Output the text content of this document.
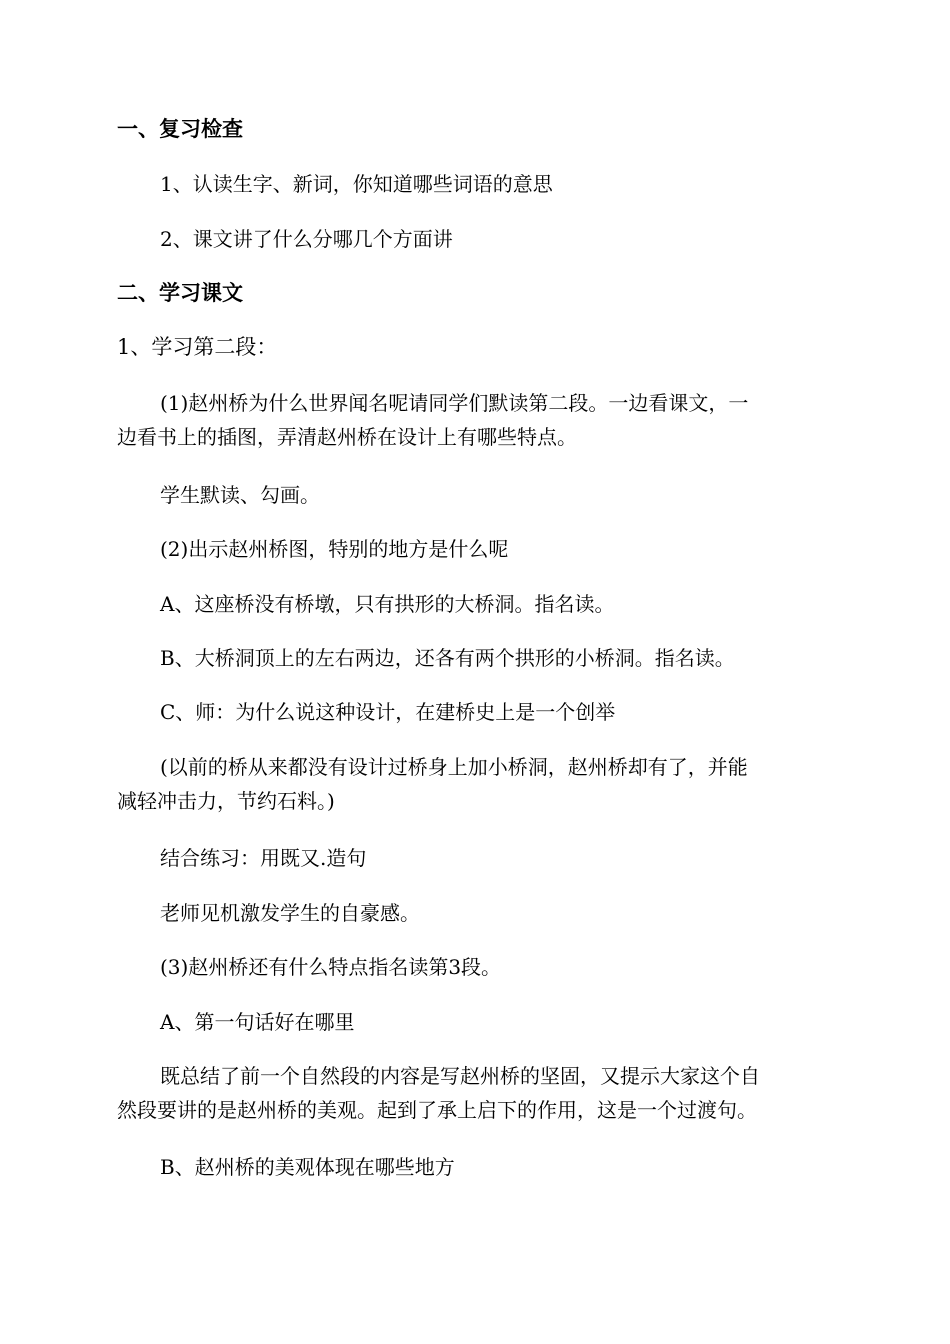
一、复习检查
1、认读生字、新词，你知道哪些词语的意思
2、课文讲了什么分哪几个方面讲
二、学习课文
1、学习第二段：
(1)赵州桥为什么世界闻名呢请同学们默读第二段。一边看课文，一
边看书上的插图，弄清赵州桥在设计上有哪些特点。
学生默读、勾画。
(2)出示赵州桥图，特别的地方是什么呢
A、这座桥没有桥墩，只有拱形的大桥洞。指名读。
B、大桥洞顶上的左右两边，还各有两个拱形的小桥洞。指名读。
C、师：为什么说这种设计，在建桥史上是一个创举
(以前的桥从来都没有设计过桥身上加小桥洞，赵州桥却有了，并能
减轻冲击力，节约石料。)
结合练习：用既又.造句
老师见机激发学生的自豪感。
(3)赵州桥还有什么特点指名读第3段。
A、第一句话好在哪里
既总结了前一个自然段的内容是写赵州桥的坚固，又提示大家这个自
然段要讲的是赵州桥的美观。起到了承上启下的作用，这是一个过渡句。
B、赵州桥的美观体现在哪些地方
